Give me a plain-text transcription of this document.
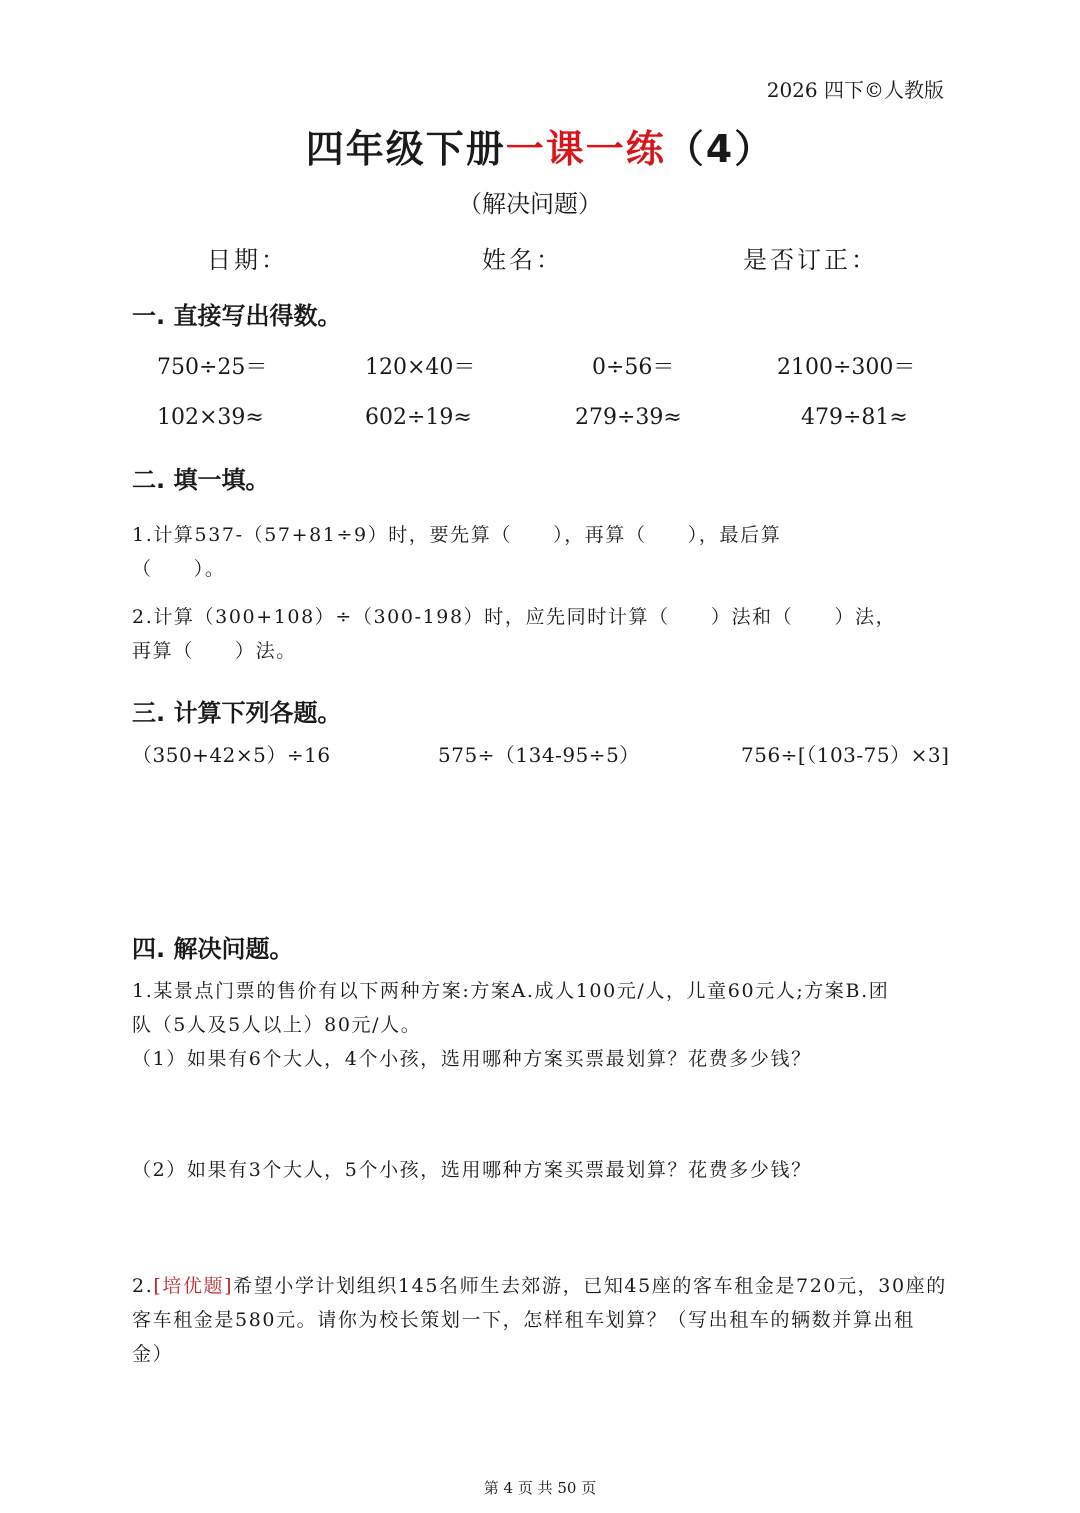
2026 四下©人教版
四年级下册一课一练（4）
（解决问题）
日期：	姓名：	是否订正：
一. 直接写出得数。
750÷25＝	120×40＝	0÷56＝	2100÷300＝
102×39≈	602÷19≈	279÷39≈	479÷81≈
二. 填一填。
1.计算537-（57+81÷9）时，要先算（　　），再算（　　），最后算
（　　）。
2.计算（300+108）÷（300-198）时，应先同时计算（　　）法和（　　）法，
再算（　　）法。
三. 计算下列各题。
（350+42×5）÷16	575÷（134-95÷5）	756÷[（103-75）×3]
四. 解决问题。
1.某景点门票的售价有以下两种方案:方案A.成人100元/人，儿童60元人;方案B.团
队（5人及5人以上）80元/人。
（1）如果有6个大人，4个小孩，选用哪种方案买票最划算？花费多少钱？
（2）如果有3个大人，5个小孩，选用哪种方案买票最划算？花费多少钱？
2.[培优题]希望小学计划组织145名师生去郊游，已知45座的客车租金是720元，30座的
客车租金是580元。请你为校长策划一下，怎样租车划算？（写出租车的辆数并算出租
金）
第 4 页 共 50 页
